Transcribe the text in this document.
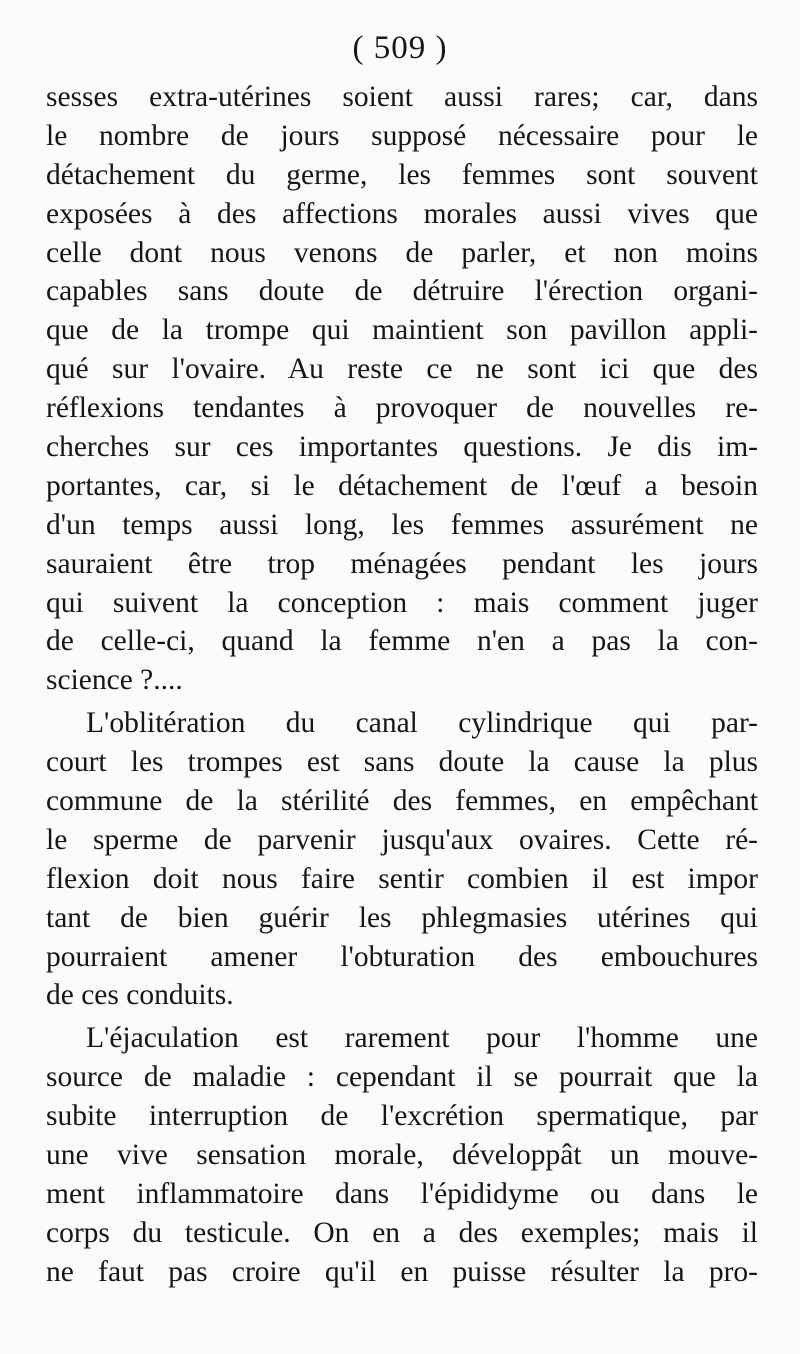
( 509 )
sesses extra-utérines soient aussi rares; car, dans
le nombre de jours supposé nécessaire pour le
détachement du germe, les femmes sont souvent
exposées à des affections morales aussi vives que
celle dont nous venons de parler, et non moins
capables sans doute de détruire l'érection organi-
que de la trompe qui maintient son pavillon appli-
qué sur l'ovaire. Au reste ce ne sont ici que des
réflexions tendantes à provoquer de nouvelles re-
cherches sur ces importantes questions. Je dis im-
portantes, car, si le détachement de l'œuf a besoin
d'un temps aussi long, les femmes assurément ne
sauraient être trop ménagées pendant les jours
qui suivent la conception : mais comment juger
de celle-ci, quand la femme n'en a pas la con-
science ?....
L'oblitération du canal cylindrique qui par-
court les trompes est sans doute la cause la plus
commune de la stérilité des femmes, en empêchant
le sperme de parvenir jusqu'aux ovaires. Cette ré-
flexion doit nous faire sentir combien il est impor
tant de bien guérir les phlegmasies utérines qui
pourraient amener l'obturation des embouchures
de ces conduits.
L'éjaculation est rarement pour l'homme une
source de maladie : cependant il se pourrait que la
subite interruption de l'excrétion spermatique, par
une vive sensation morale, développât un mouve-
ment inflammatoire dans l'épididyme ou dans le
corps du testicule. On en a des exemples; mais il
ne faut pas croire qu'il en puisse résulter la pro-
